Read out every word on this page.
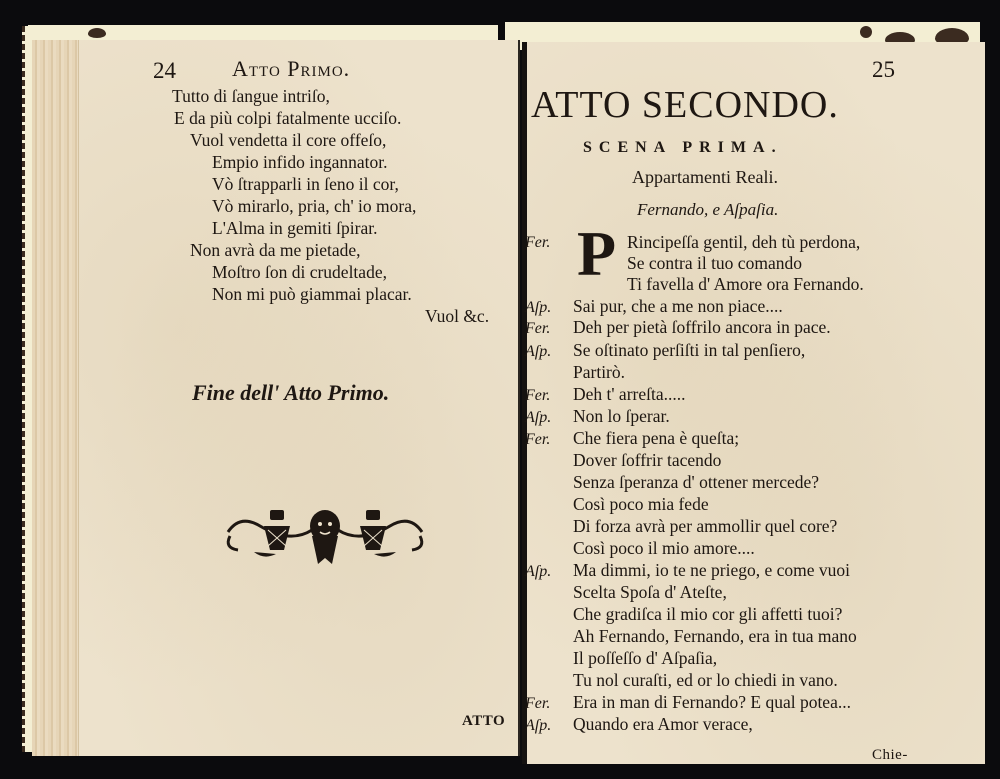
24	Atto Primo.
Tutto di ſangue intriſo,
E da più colpi fatalmente ucciſo.
Vuol vendetta il core offeſo,
Empio infido ingannator.
Vò ſtrapparli in ſeno il cor,
Vò mirarlo, pria, ch' io mora,
L'Alma in gemiti ſpirar.
Non avrà da me pietade,
Moſtro ſon di crudeltade,
Non mi può giammai placar.
Vuol &c.
Fine dell' Atto Primo.
ATTO
25
ATTO SECONDO.
SCENA PRIMA.
Appartamenti Reali.
Fernando, e Aſpaſia.
Fer. P Rincipeſſa gentil, deh tù perdona,
Se contra il tuo comando
Ti favella d' Amore ora Fernando.
Aſp. Sai pur, che a me non piace....
Fer. Deh per pietà ſoffrilo ancora in pace.
Aſp. Se oſtinato perſiſti in tal penſiero,
Partirò.
Fer. Deh t' arreſta.....
Aſp. Non lo ſperar.
Fer. Che fiera pena è queſta;
Dover ſoffrir tacendo
Senza ſperanza d' ottener mercede?
Così poco mia fede
Di forza avrà per ammollir quel core?
Così poco il mio amore....
Aſp. Ma dimmi, io te ne priego, e come vuoi
Scelta Spoſa d' Ateſte,
Che gradiſca il mio cor gli affetti tuoi?
Ah Fernando, Fernando, era in tua mano
Il poſſeſſo d' Aſpaſia,
Tu nol curaſti, ed or lo chiedi in vano.
Fer. Era in man di Fernando? E qual potea...
Aſp. Quando era Amor verace,
Chie-
